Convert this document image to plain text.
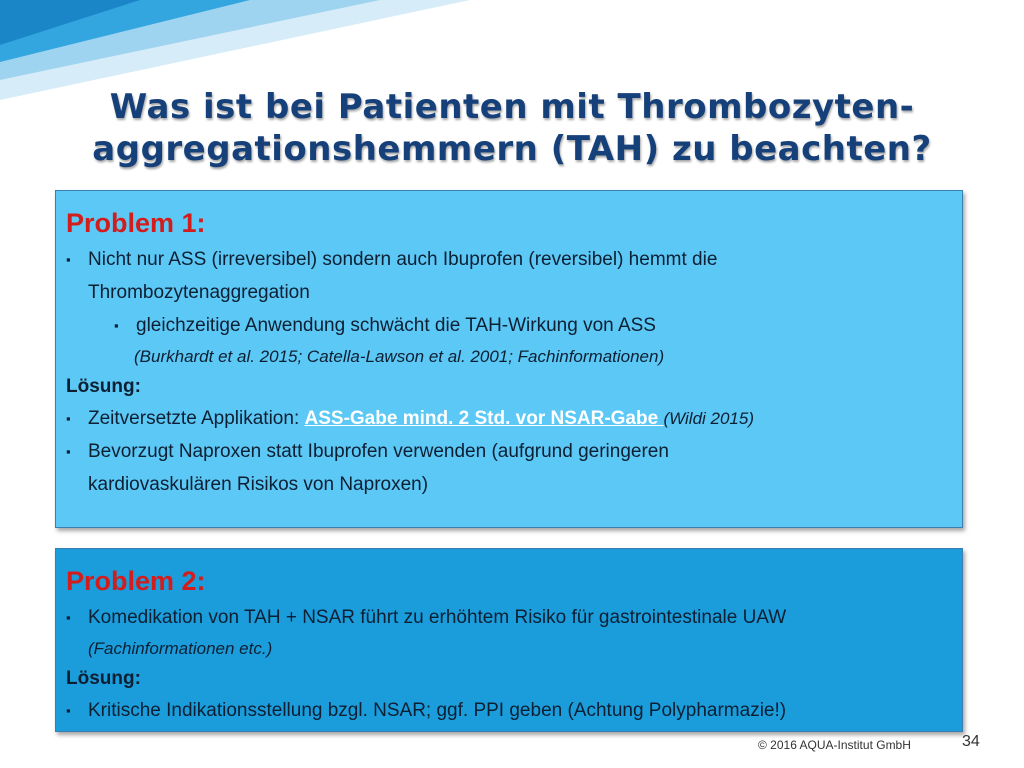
Was ist bei Patienten mit Thrombozyten-
aggregationshemmern (TAH) zu beachten?
Problem 1:
▪ Nicht nur ASS (irreversibel) sondern auch Ibuprofen (reversibel) hemmt die
Thrombozytenaggregation
▪ gleichzeitige Anwendung schwächt die TAH-Wirkung von ASS
(Burkhardt et al. 2015; Catella-Lawson et al. 2001; Fachinformationen)
Lösung:
▪ Zeitversetzte Applikation: ASS-Gabe mind. 2 Std. vor NSAR-Gabe (Wildi 2015)
▪ Bevorzugt Naproxen statt Ibuprofen verwenden (aufgrund geringeren
kardiovaskulären Risikos von Naproxen)
Problem 2:
▪ Komedikation von TAH + NSAR führt zu erhöhtem Risiko für gastrointestinale UAW
(Fachinformationen etc.)
Lösung:
▪ Kritische Indikationsstellung bzgl. NSAR; ggf. PPI geben (Achtung Polypharmazie!)
© 2016 AQUA-Institut GmbH	34
